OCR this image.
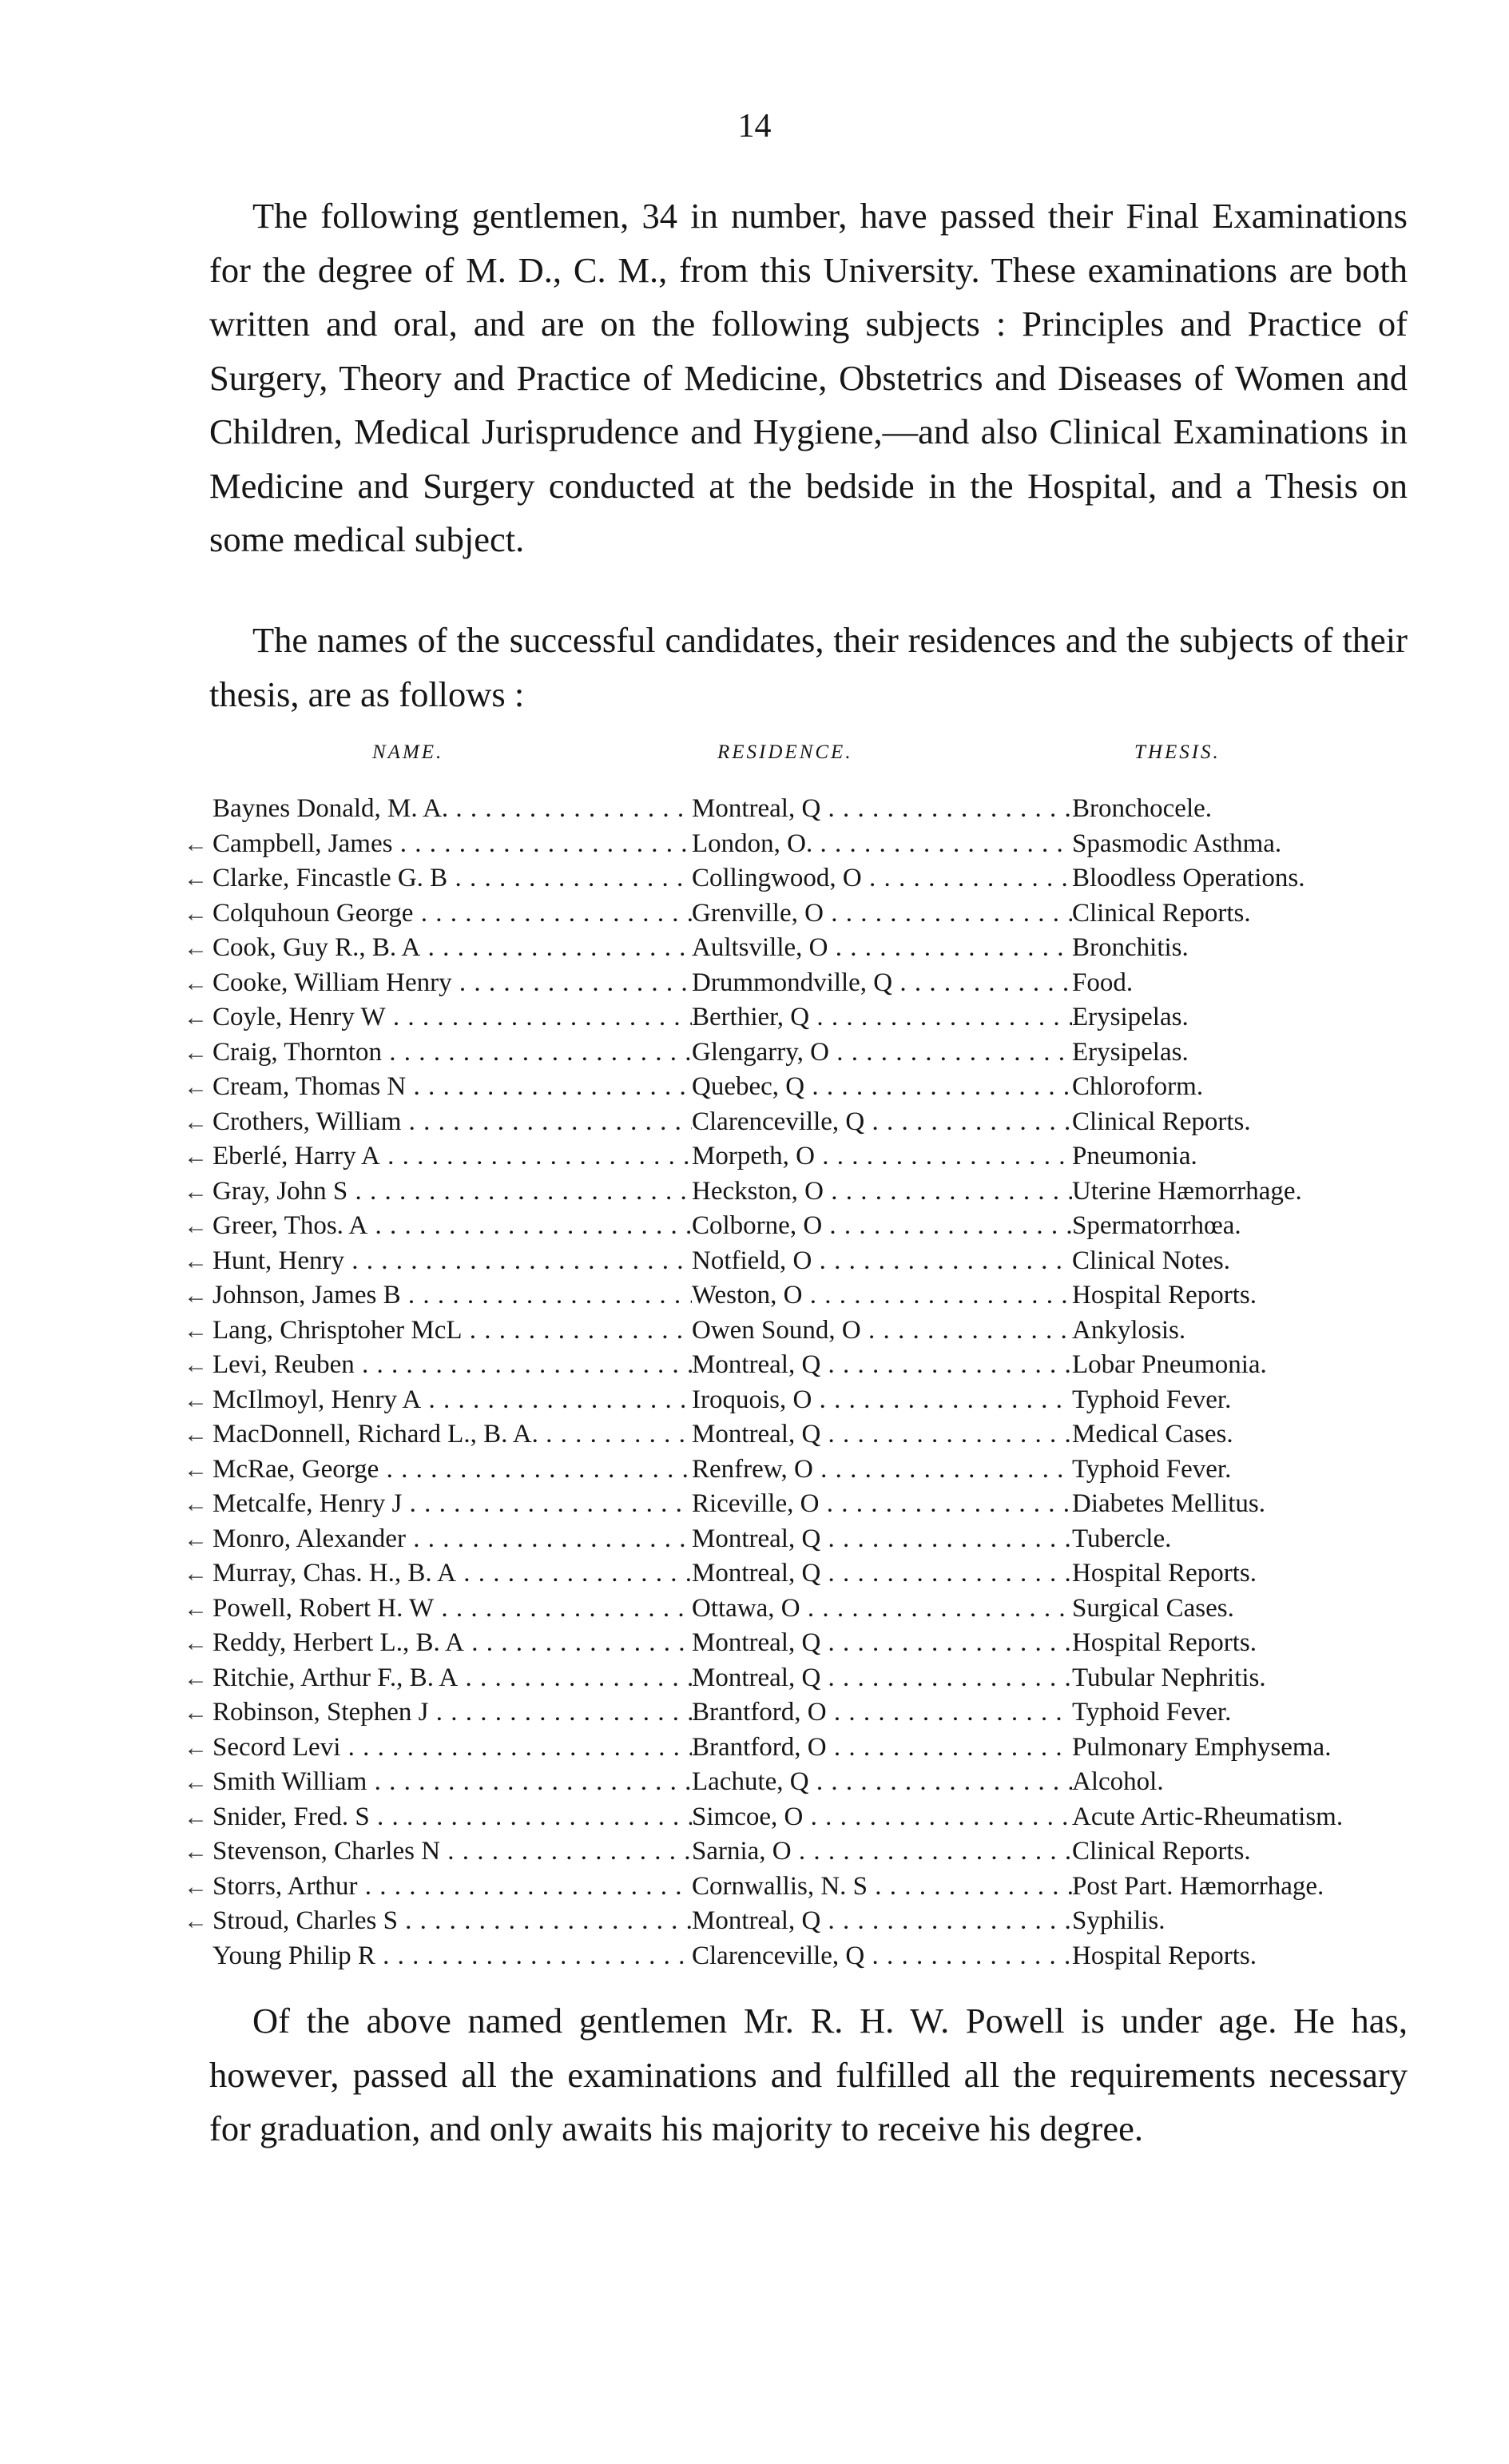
14

The following gentlemen, 34 in number, have passed their Final Examinations for the degree of M. D., C. M., from this University. These examinations are both written and oral, and are on the following subjects : Principles and Practice of Surgery, Theory and Practice of Medicine, Obstetrics and Diseases of Women and Children, Medical Jurisprudence and Hygiene,—and also Clinical Examinations in Medicine and Surgery conducted at the bedside in the Hospital, and a Thesis on some medical subject.

The names of the successful candidates, their residences and the subjects of their thesis, are as follows :

NAME.	RESIDENCE.	THESIS.
Baynes Donald, M. A. . . .	Montreal, Q . . .	Bronchocele.
← Campbell, James . . .	London, O. . . .	Spasmodic Asthma.
← Clarke, Fincastle G. B . . .	Collingwood, O . . .	Bloodless Operations.
← Colquhoun George . . .	Grenville, O . . .	Clinical Reports.
← Cook, Guy R., B. A . . .	Aultsville, O . . .	Bronchitis.
← Cooke, William Henry . . .	Drummondville, Q . . .	Food.
← Coyle, Henry W . . .	Berthier, Q . . .	Erysipelas.
← Craig, Thornton . . .	Glengarry, O . . .	Erysipelas.
← Cream, Thomas N . . .	Quebec, Q . . .	Chloroform.
← Crothers, William . . .	Clarenceville, Q . . .	Clinical Reports.
← Eberlé, Harry A . . .	Morpeth, O . . .	Pneumonia.
← Gray, John S . . .	Heckston, O . . .	Uterine Hæmorrhage.
← Greer, Thos. A . . .	Colborne, O . . .	Spermatorrhœa.
← Hunt, Henry . . .	Notfield, O . . .	Clinical Notes.
← Johnson, James B . . .	Weston, O . . .	Hospital Reports.
← Lang, Chrisptoher McL . . .	Owen Sound, O . . .	Ankylosis.
← Levi, Reuben . . .	Montreal, Q . . .	Lobar Pneumonia.
← McIlmoyl, Henry A . . .	Iroquois, O . . .	Typhoid Fever.
← MacDonnell, Richard L., B. A. . . .	Montreal, Q . . .	Medical Cases.
← McRae, George . . .	Renfrew, O . . .	Typhoid Fever.
← Metcalfe, Henry J . . .	Riceville, O . . .	Diabetes Mellitus.
← Monro, Alexander . . .	Montreal, Q . . .	Tubercle.
← Murray, Chas. H., B. A . . .	Montreal, Q . . .	Hospital Reports.
← Powell, Robert H. W . . .	Ottawa, O . . .	Surgical Cases.
← Reddy, Herbert L., B. A . . .	Montreal, Q . . .	Hospital Reports.
← Ritchie, Arthur F., B. A . . .	Montreal, Q . . .	Tubular Nephritis.
← Robinson, Stephen J . . .	Brantford, O . . .	Typhoid Fever.
← Secord Levi . . .	Brantford, O . . .	Pulmonary Emphysema.
← Smith William . . .	Lachute, Q . . .	Alcohol.
← Snider, Fred. S . . .	Simcoe, O . . .	Acute Artic-Rheumatism.
← Stevenson, Charles N . . .	Sarnia, O . . .	Clinical Reports.
← Storrs, Arthur . . .	Cornwallis, N. S . . .	Post Part. Hæmorrhage.
← Stroud, Charles S . . .	Montreal, Q . . .	Syphilis.
Young Philip R . . .	Clarenceville, Q . . .	Hospital Reports.

Of the above named gentlemen Mr. R. H. W. Powell is under age. He has, however, passed all the examinations and fulfilled all the requirements necessary for graduation, and only awaits his majority to receive his degree.
